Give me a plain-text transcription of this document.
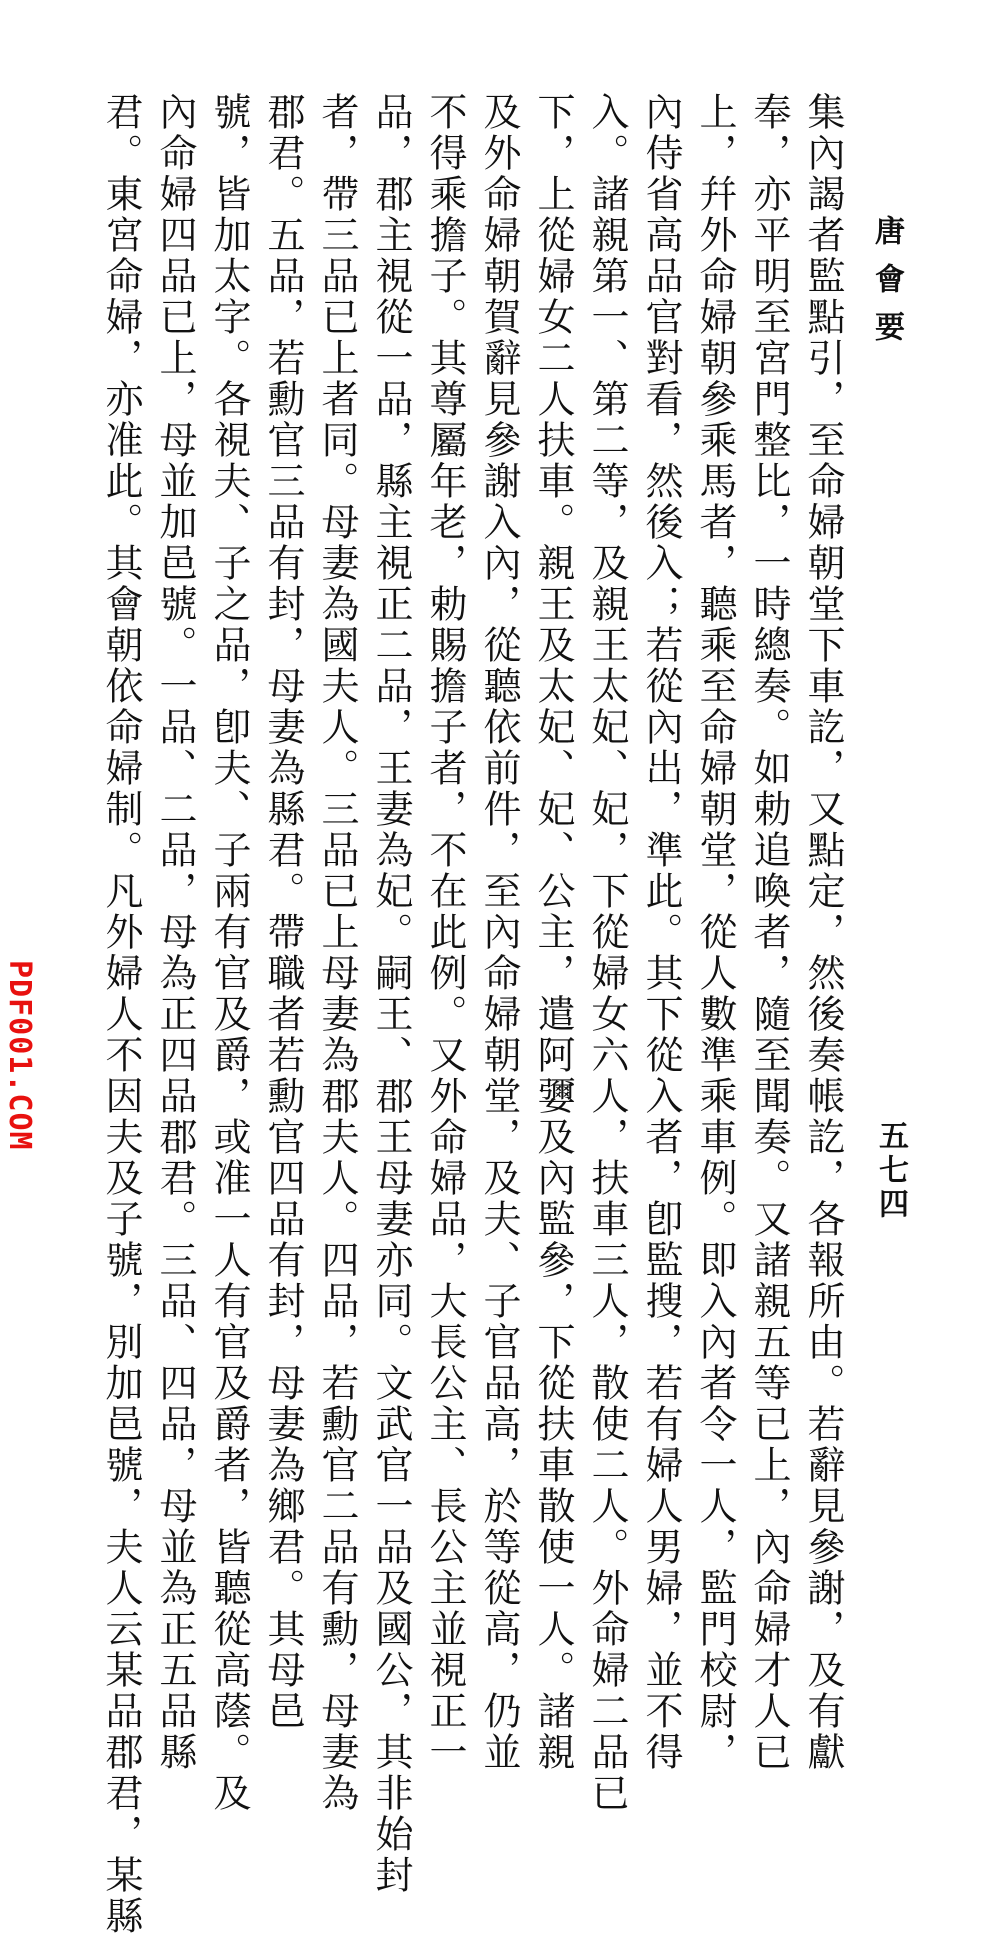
唐會要
五七四
集內謁者監點引，至命婦朝堂下車訖，又點定，然後奏帳訖，各報所由。若辭見參謝，及有獻
奉，亦平明至宮門整比，一時總奏。如勅追喚者，隨至聞奏。又諸親五等已上，內命婦才人已
上，幷外命婦朝參乘馬者，聽乘至命婦朝堂，從人數準乘車例。即入內者令一人，監門校尉，
內侍省高品官對看，然後入；若從內出，準此。其下從入者，卽監搜，若有婦人男婦，並不得
入。諸親第一、第二等，及親王太妃、妃，下從婦女六人，扶車三人，散使二人。外命婦二品已
下，上從婦女二人扶車。親王及太妃、妃、公主，遣阿㜷及內監參，下從扶車散使一人。諸親
及外命婦朝賀辭見參謝入內，從聽依前件，至內命婦朝堂，及夫、子官品高，於等從高，仍並
不得乘擔子。其尊屬年老，勅賜擔子者，不在此例。又外命婦品，大長公主、長公主並視正一
品，郡主視從一品，縣主視正二品，王妻為妃。嗣王、郡王母妻亦同。文武官一品及國公，其非始封
者，帶三品已上者同。母妻為國夫人。三品已上母妻為郡夫人。四品，若勳官二品有勳，母妻為
郡君。五品，若勳官三品有封，母妻為縣君。帶職者若勳官四品有封，母妻為鄉君。其母邑
號，皆加太字。各視夫、子之品，卽夫、子兩有官及爵，或准一人有官及爵者，皆聽從高蔭。及
內命婦四品已上，母並加邑號。一品、二品，母為正四品郡君。三品、四品，母並為正五品縣
君。東宮命婦，亦准此。其會朝依命婦制。凡外婦人不因夫及子號，別加邑號，夫人云某品郡君，某縣
PDF001.COM
